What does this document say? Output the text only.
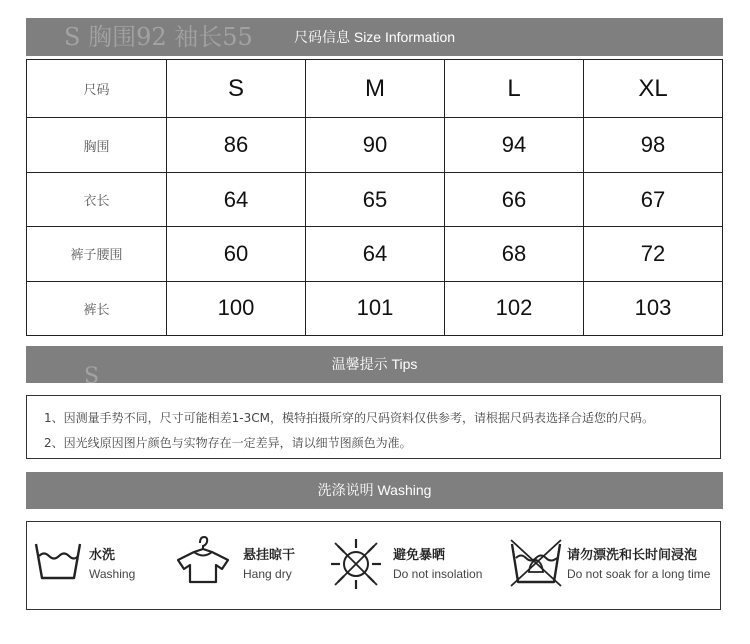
S 胸围92 袖长55	尺码信息 Size Information
尺码	S	M	L	XL
胸围	86	90	94	98
衣长	64	65	66	67
裤子腰围	60	64	68	72
裤长	100	101	102	103
S	温馨提示 Tips
1、因测量手势不同，尺寸可能相差1-3CM，模特拍摄所穿的尺码资料仅供参考，请根据尺码表选择合适您的尺码。
2、因光线原因图片颜色与实物存在一定差异，请以细节图颜色为准。
洗涤说明 Washing
水洗
Washing
悬挂晾干
Hang dry
避免暴晒
Do not insolation
请勿漂洗和长时间浸泡
Do not soak for a long time
